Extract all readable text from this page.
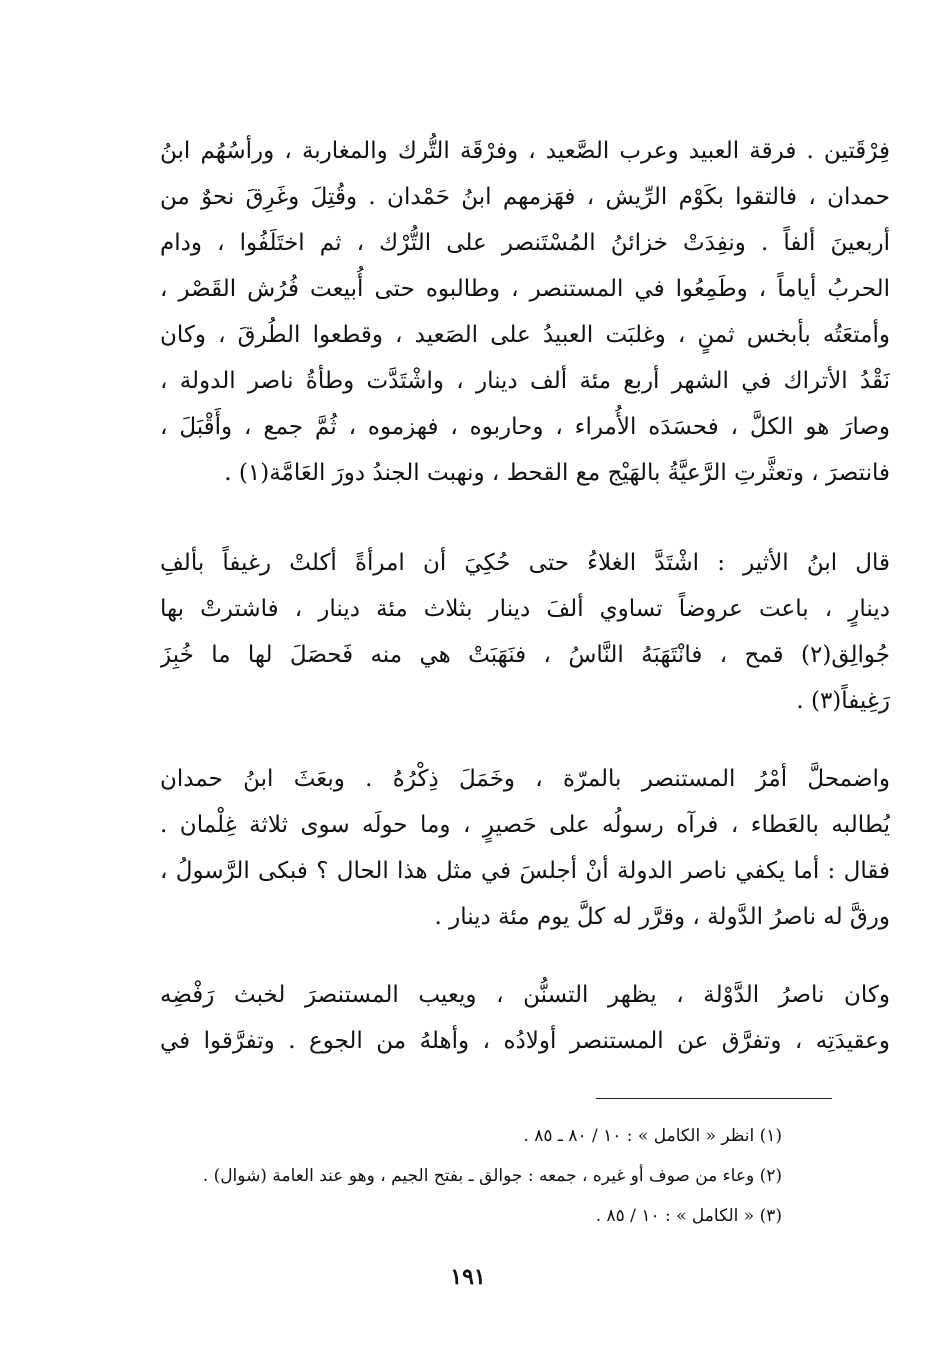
فِرْقَتين . فرقة العبيد وعرب الصَّعيد ، وفرْقَة التُّرك والمغاربة ، ورأسُهُم ابنُ
حمدان ، فالتقوا بكَوْم الرِّيش ، فهَزمهم ابنُ حَمْدان . وقُتِلَ وغَرِقَ نحوٌ من
أربعينَ ألفاً . ونفِدَتْ خزائنُ المُسْتَنصر على التُّرْك ، ثم اختَلَفُوا ، ودام
الحربُ أياماً ، وطَمِعُوا في المستنصر ، وطالبوه حتى أُبيعت فُرُش القَصْر ،
وأمتعَتُه بأبخس ثمنٍ ، وغلبَت العبيدُ على الصَعيد ، وقطعوا الطُرقَ ، وكان
نَقْدُ الأتراك في الشهر أربع مئة ألف دينار ، واشْتَدَّت وطأةُ ناصر الدولة ،
وصارَ هو الكلَّ ، فحسَدَه الأُمراء ، وحاربوه ، فهزموه ، ثُمَّ جمع ، وأَقْبَلَ ،
فانتصرَ ، وتعثَّرتِ الرَّعيَّةُ بالهَيْج مع القحط ، ونهبت الجندُ دورَ العَامَّة(١) .
قال ابنُ الأثير : اشْتَدَّ الغلاءُ حتى حُكِيَ أن امرأةً أكلتْ رغيفاً بألفِ
دينارٍ ، باعت عروضاً تساوي ألفَ دينار بثلاث مئة دينار ، فاشترتْ بها
جُوالِق(٢) قمح ، فانْتَهَبَهُ النَّاسُ ، فنَهَبَتْ هي منه فَحصَلَ لها ما خُبِزَ
رَغِيفاً(٣) .
واضمحلَّ أمْرُ المستنصر بالمرّة ، وخَمَلَ ذِكْرُهُ . وبعَثَ ابنُ حمدان
يُطالبه بالعَطاء ، فرآه رسولُه على حَصيرٍ ، وما حولَه سوى ثلاثة غِلْمان .
فقال : أما يكفي ناصر الدولة أنْ أجلسَ في مثل هذا الحال ؟ فبكى الرَّسولُ ،
ورقَّ له ناصرُ الدَّولة ، وقرَّر له كلَّ يوم مئة دينار .
وكان ناصرُ الدَّوْلة ، يظهر التسنُّن ، ويعيب المستنصرَ لخبث رَفْضِه
وعقيدَتِه ، وتفرَّق عن المستنصر أولادُه ، وأهلهُ من الجوع . وتفرَّقوا في
(١) انظر « الكامل » : ١٠ / ٨٠ ـ ٨٥ .
(٢) وعاء من صوف أو غيره ، جمعه : جوالق ـ بفتح الجيم ، وهو عند العامة (شوال) .
(٣) « الكامل » : ١٠ / ٨٥ .
١٩١
